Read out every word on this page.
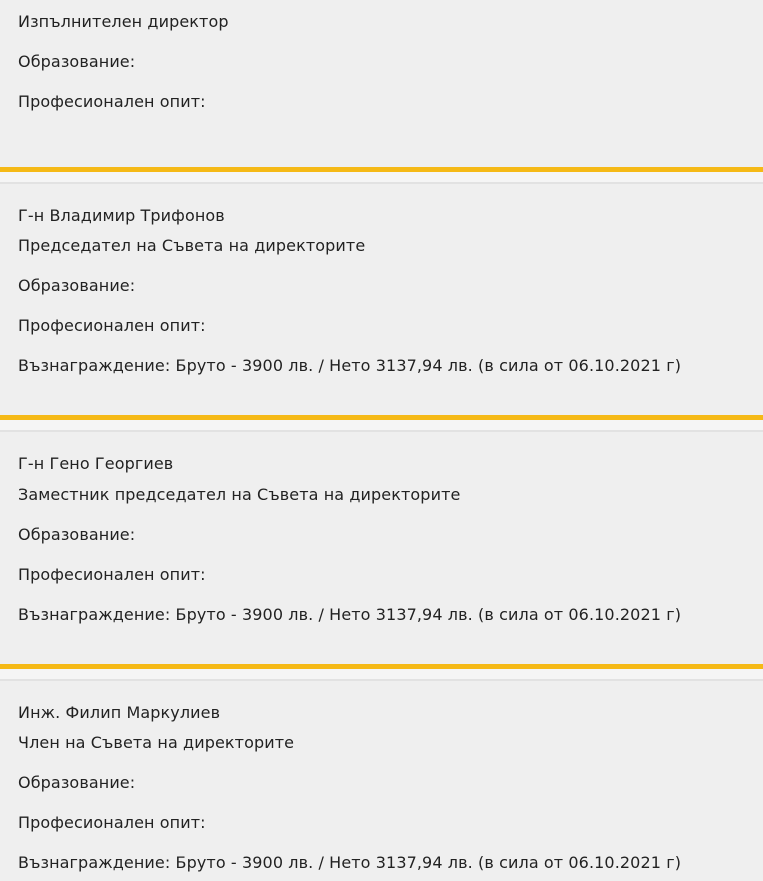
Изпълнителен директор
Образование:
Професионален опит:
Г-н Владимир Трифонов
Председател на Съвета на директорите
Образование:
Професионален опит:
Възнаграждение: Бруто - 3900 лв. / Нето 3137,94 лв. (в сила от 06.10.2021 г)
Г-н Гено Георгиев
Заместник председател на Съвета на директорите
Образование:
Професионален опит:
Възнаграждение: Бруто - 3900 лв. / Нето 3137,94 лв. (в сила от 06.10.2021 г)
Инж. Филип Маркулиев
Член на Съвета на директорите
Образование:
Професионален опит:
Възнаграждение: Бруто - 3900 лв. / Нето 3137,94 лв. (в сила от 06.10.2021 г)
